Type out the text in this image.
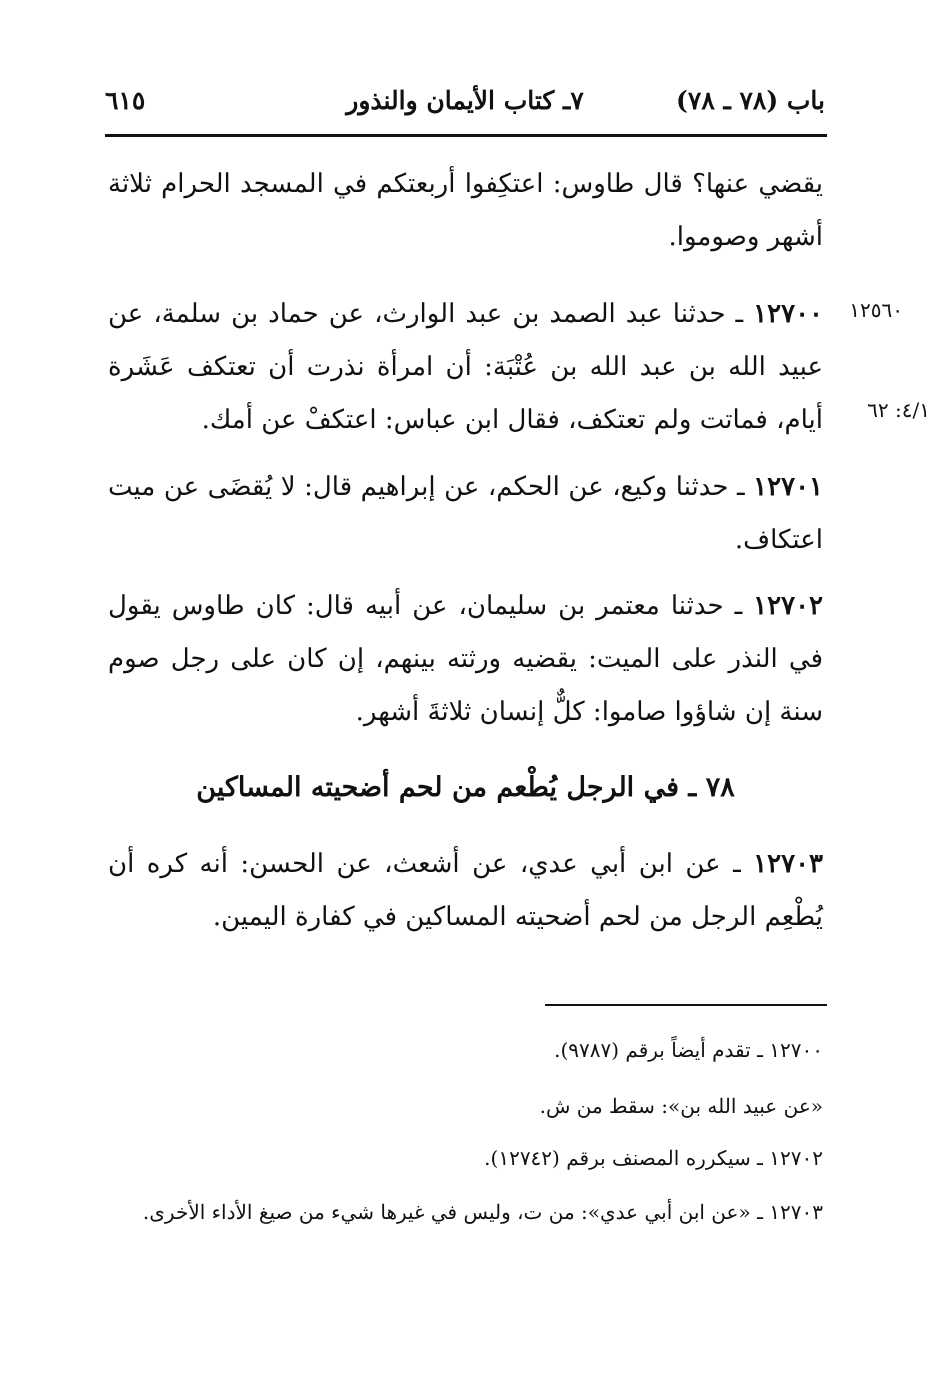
باب (٧٨ ـ ٧٨)
٧ـ كتاب الأيمان والنذور
٦١٥
يقضي عنها؟ قال طاوس: اعتكِفوا أربعتكم في المسجد الحرام ثلاثة أشهر وصوموا.
١٢٧٠٠ ـ حدثنا عبد الصمد بن عبد الوارث، عن حماد بن سلمة، عن عبيد الله بن عبد الله بن عُتْبَة: أن امرأة نذرت أن تعتكف عَشَرة أيام، فماتت ولم تعتكف، فقال ابن عباس: اعتكفْ عن أمك.
١٢٥٦٠
٤/١: ٦٢
١٢٧٠١ ـ حدثنا وكيع، عن الحكم، عن إبراهيم قال: لا يُقضَى عن ميت اعتكاف.
١٢٧٠٢ ـ حدثنا معتمر بن سليمان، عن أبيه قال: كان طاوس يقول في النذر على الميت: يقضيه ورثته بينهم، إن كان على رجل صوم سنة إن شاؤوا صاموا: كلٌّ إنسان ثلاثةَ أشهر.
٧٨ ـ في الرجل يُطْعم من لحم أضحيته المساكين
١٢٧٠٣ ـ عن ابن أبي عدي، عن أشعث، عن الحسن: أنه كره أن يُطْعِم الرجل من لحم أضحيته المساكين في كفارة اليمين.
١٢٧٠٠ ـ تقدم أيضاً برقم (٩٧٨٧).
«عن عبيد الله بن»: سقط من ش.
١٢٧٠٢ ـ سيكرره المصنف برقم (١٢٧٤٢).
١٢٧٠٣ ـ «عن ابن أبي عدي»: من ت، وليس في غيرها شيء من صيغ الأداء الأخرى.
